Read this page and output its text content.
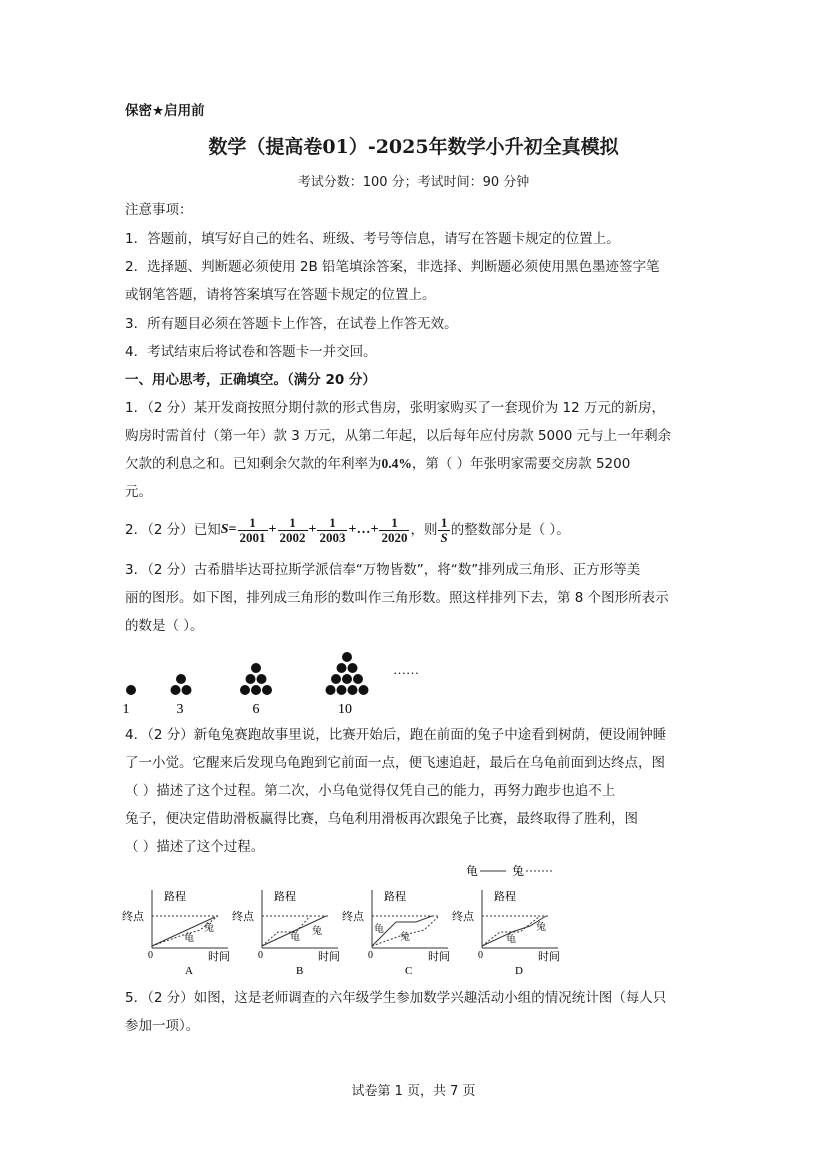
保密★启用前
数学（提高卷01）-2025年数学小升初全真模拟
考试分数：100 分；考试时间：90 分钟
注意事项：
1．答题前，填写好自己的姓名、班级、考号等信息，请写在答题卡规定的位置上。
2．选择题、判断题必须使用 2B 铅笔填涂答案，非选择、判断题必须使用黑色墨迹签字笔
或钢笔答题，请将答案填写在答题卡规定的位置上。
3．所有题目必须在答题卡上作答，在试卷上作答无效。
4．考试结束后将试卷和答题卡一并交回。
一、用心思考，正确填空。（满分 20 分）
1．（2 分）某开发商按照分期付款的形式售房，张明家购买了一套现价为 12 万元的新房，
购房时需首付（第一年）款 3 万元，从第二年起，以后每年应付房款 5000 元与上一年剩余
欠款的利息之和。已知剩余欠款的年利率为0.4%，第（ ）年张明家需要交房款 5200
元。
2．（2 分）已知$S= \frac{1}{2001} + \frac{1}{2002} + \frac{1}{2003}$ +…+ $\frac{1}{2020}$ ，则 $\frac{1}{S}$ 的整数部分是（ ）。
3．（2 分）古希腊毕达哥拉斯学派信奉“万物皆数”，将“数”排列成三角形、正方形等美
丽的图形。如下图，排列成三角形的数叫作三角形数。照这样排列下去，第 8 个图形所表示
的数是（ ）。
1	3	6	10
……
4．（2 分）新龟兔赛跑故事里说，比赛开始后，跑在前面的兔子中途看到树荫，便设闹钟睡
了一小觉。它醒来后发现乌龟跑到它前面一点，便飞速追赶，最后在乌龟前面到达终点，图
（ ）描述了这个过程。第二次，小乌龟觉得仅凭自己的能力，再努力跑步也追不上
兔子，便决定借助滑板赢得比赛，乌龟利用滑板再次跟兔子比赛，最终取得了胜利，图
（ ）描述了这个过程。
龟	兔
路程
终点
龟
兔
0	时间
A
路程
终点
龟
兔
0	时间
B
路程
终点
龟
兔
0	时间
C
路程
终点
龟
兔
0	时间
D
5．（2 分）如图，这是老师调查的六年级学生参加数学兴趣活动小组的情况统计图（每人只
参加一项）。
试卷第 1 页，共 7 页
